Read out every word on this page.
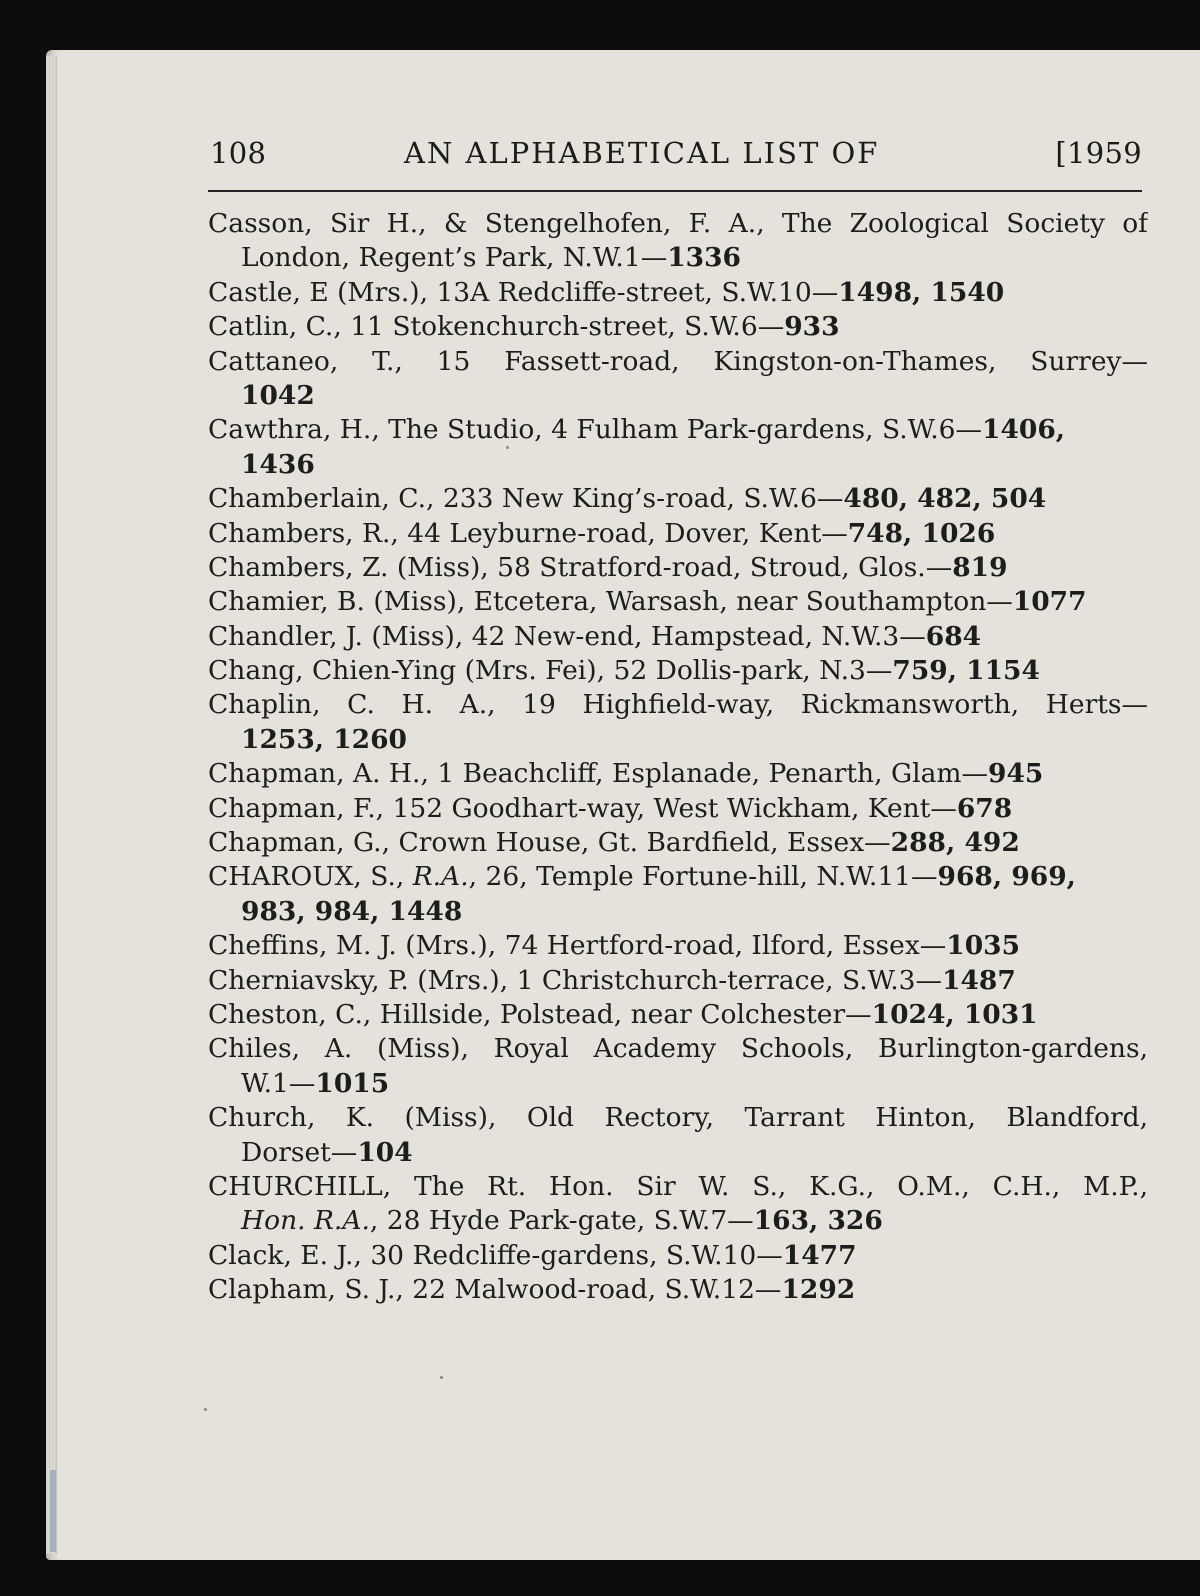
108	AN ALPHABETICAL LIST OF	[1959
Casson, Sir H., & Stengelhofen, F. A., The Zoological Society of
London, Regent’s Park, N.W.1—1336
Castle, E (Mrs.), 13A Redcliffe-street, S.W.10—1498, 1540
Catlin, C., 11 Stokenchurch-street, S.W.6—933
Cattaneo, T., 15 Fassett-road, Kingston-on-Thames, Surrey—
1042
Cawthra, H., The Studio, 4 Fulham Park-gardens, S.W.6—1406,
1436
Chamberlain, C., 233 New King’s-road, S.W.6—480, 482, 504
Chambers, R., 44 Leyburne-road, Dover, Kent—748, 1026
Chambers, Z. (Miss), 58 Stratford-road, Stroud, Glos.—819
Chamier, B. (Miss), Etcetera, Warsash, near Southampton—1077
Chandler, J. (Miss), 42 New-end, Hampstead, N.W.3—684
Chang, Chien-Ying (Mrs. Fei), 52 Dollis-park, N.3—759, 1154
Chaplin, C. H. A., 19 Highfield-way, Rickmansworth, Herts—
1253, 1260
Chapman, A. H., 1 Beachcliff, Esplanade, Penarth, Glam—945
Chapman, F., 152 Goodhart-way, West Wickham, Kent—678
Chapman, G., Crown House, Gt. Bardfield, Essex—288, 492
CHAROUX, S., R.A., 26, Temple Fortune-hill, N.W.11—968, 969,
983, 984, 1448
Cheffins, M. J. (Mrs.), 74 Hertford-road, Ilford, Essex—1035
Cherniavsky, P. (Mrs.), 1 Christchurch-terrace, S.W.3—1487
Cheston, C., Hillside, Polstead, near Colchester—1024, 1031
Chiles, A. (Miss), Royal Academy Schools, Burlington-gardens,
W.1—1015
Church, K. (Miss), Old Rectory, Tarrant Hinton, Blandford,
Dorset—104
CHURCHILL, The Rt. Hon. Sir W. S., K.G., O.M., C.H., M.P.,
Hon. R.A., 28 Hyde Park-gate, S.W.7—163, 326
Clack, E. J., 30 Redcliffe-gardens, S.W.10—1477
Clapham, S. J., 22 Malwood-road, S.W.12—1292
